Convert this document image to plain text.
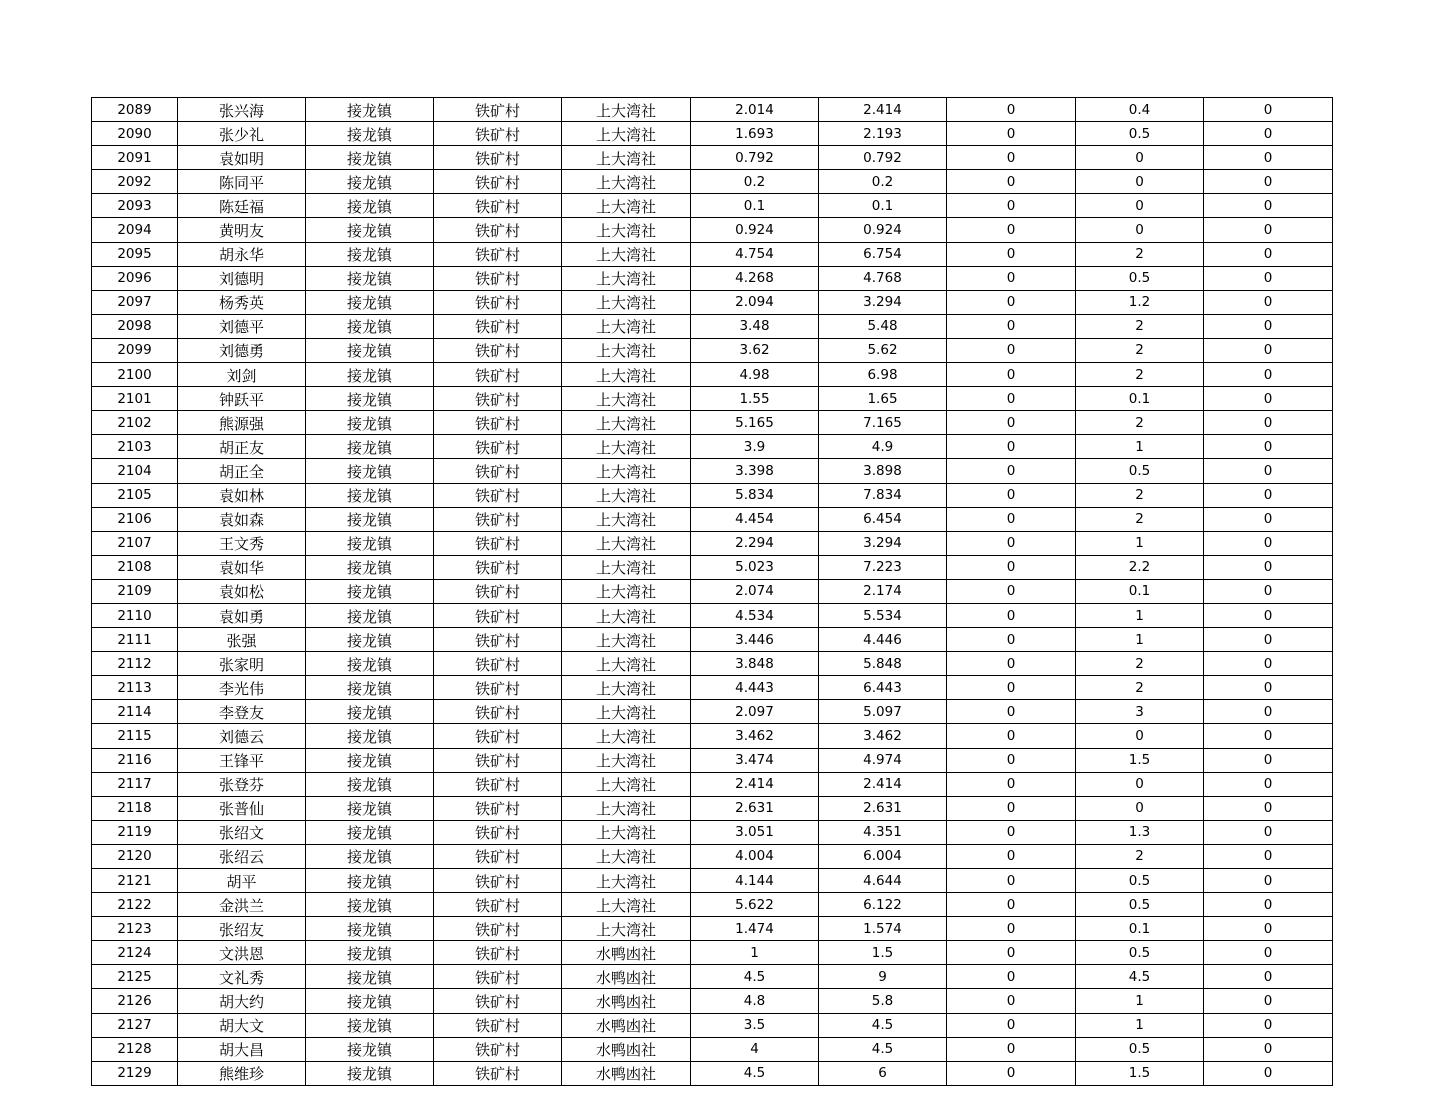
2089	张兴海	接龙镇	铁矿村	上大湾社	2.014	2.414	0	0.4	0
2090	张少礼	接龙镇	铁矿村	上大湾社	1.693	2.193	0	0.5	0
2091	袁如明	接龙镇	铁矿村	上大湾社	0.792	0.792	0	0	0
2092	陈同平	接龙镇	铁矿村	上大湾社	0.2	0.2	0	0	0
2093	陈廷福	接龙镇	铁矿村	上大湾社	0.1	0.1	0	0	0
2094	黄明友	接龙镇	铁矿村	上大湾社	0.924	0.924	0	0	0
2095	胡永华	接龙镇	铁矿村	上大湾社	4.754	6.754	0	2	0
2096	刘德明	接龙镇	铁矿村	上大湾社	4.268	4.768	0	0.5	0
2097	杨秀英	接龙镇	铁矿村	上大湾社	2.094	3.294	0	1.2	0
2098	刘德平	接龙镇	铁矿村	上大湾社	3.48	5.48	0	2	0
2099	刘德勇	接龙镇	铁矿村	上大湾社	3.62	5.62	0	2	0
2100	刘剑	接龙镇	铁矿村	上大湾社	4.98	6.98	0	2	0
2101	钟跃平	接龙镇	铁矿村	上大湾社	1.55	1.65	0	0.1	0
2102	熊源强	接龙镇	铁矿村	上大湾社	5.165	7.165	0	2	0
2103	胡正友	接龙镇	铁矿村	上大湾社	3.9	4.9	0	1	0
2104	胡正全	接龙镇	铁矿村	上大湾社	3.398	3.898	0	0.5	0
2105	袁如林	接龙镇	铁矿村	上大湾社	5.834	7.834	0	2	0
2106	袁如森	接龙镇	铁矿村	上大湾社	4.454	6.454	0	2	0
2107	王文秀	接龙镇	铁矿村	上大湾社	2.294	3.294	0	1	0
2108	袁如华	接龙镇	铁矿村	上大湾社	5.023	7.223	0	2.2	0
2109	袁如松	接龙镇	铁矿村	上大湾社	2.074	2.174	0	0.1	0
2110	袁如勇	接龙镇	铁矿村	上大湾社	4.534	5.534	0	1	0
2111	张强	接龙镇	铁矿村	上大湾社	3.446	4.446	0	1	0
2112	张家明	接龙镇	铁矿村	上大湾社	3.848	5.848	0	2	0
2113	李光伟	接龙镇	铁矿村	上大湾社	4.443	6.443	0	2	0
2114	李登友	接龙镇	铁矿村	上大湾社	2.097	5.097	0	3	0
2115	刘德云	接龙镇	铁矿村	上大湾社	3.462	3.462	0	0	0
2116	王锋平	接龙镇	铁矿村	上大湾社	3.474	4.974	0	1.5	0
2117	张登芬	接龙镇	铁矿村	上大湾社	2.414	2.414	0	0	0
2118	张普仙	接龙镇	铁矿村	上大湾社	2.631	2.631	0	0	0
2119	张绍文	接龙镇	铁矿村	上大湾社	3.051	4.351	0	1.3	0
2120	张绍云	接龙镇	铁矿村	上大湾社	4.004	6.004	0	2	0
2121	胡平	接龙镇	铁矿村	上大湾社	4.144	4.644	0	0.5	0
2122	金洪兰	接龙镇	铁矿村	上大湾社	5.622	6.122	0	0.5	0
2123	张绍友	接龙镇	铁矿村	上大湾社	1.474	1.574	0	0.1	0
2124	文洪恩	接龙镇	铁矿村	水鸭凼社	1	1.5	0	0.5	0
2125	文礼秀	接龙镇	铁矿村	水鸭凼社	4.5	9	0	4.5	0
2126	胡大约	接龙镇	铁矿村	水鸭凼社	4.8	5.8	0	1	0
2127	胡大文	接龙镇	铁矿村	水鸭凼社	3.5	4.5	0	1	0
2128	胡大昌	接龙镇	铁矿村	水鸭凼社	4	4.5	0	0.5	0
2129	熊维珍	接龙镇	铁矿村	水鸭凼社	4.5	6	0	1.5	0
